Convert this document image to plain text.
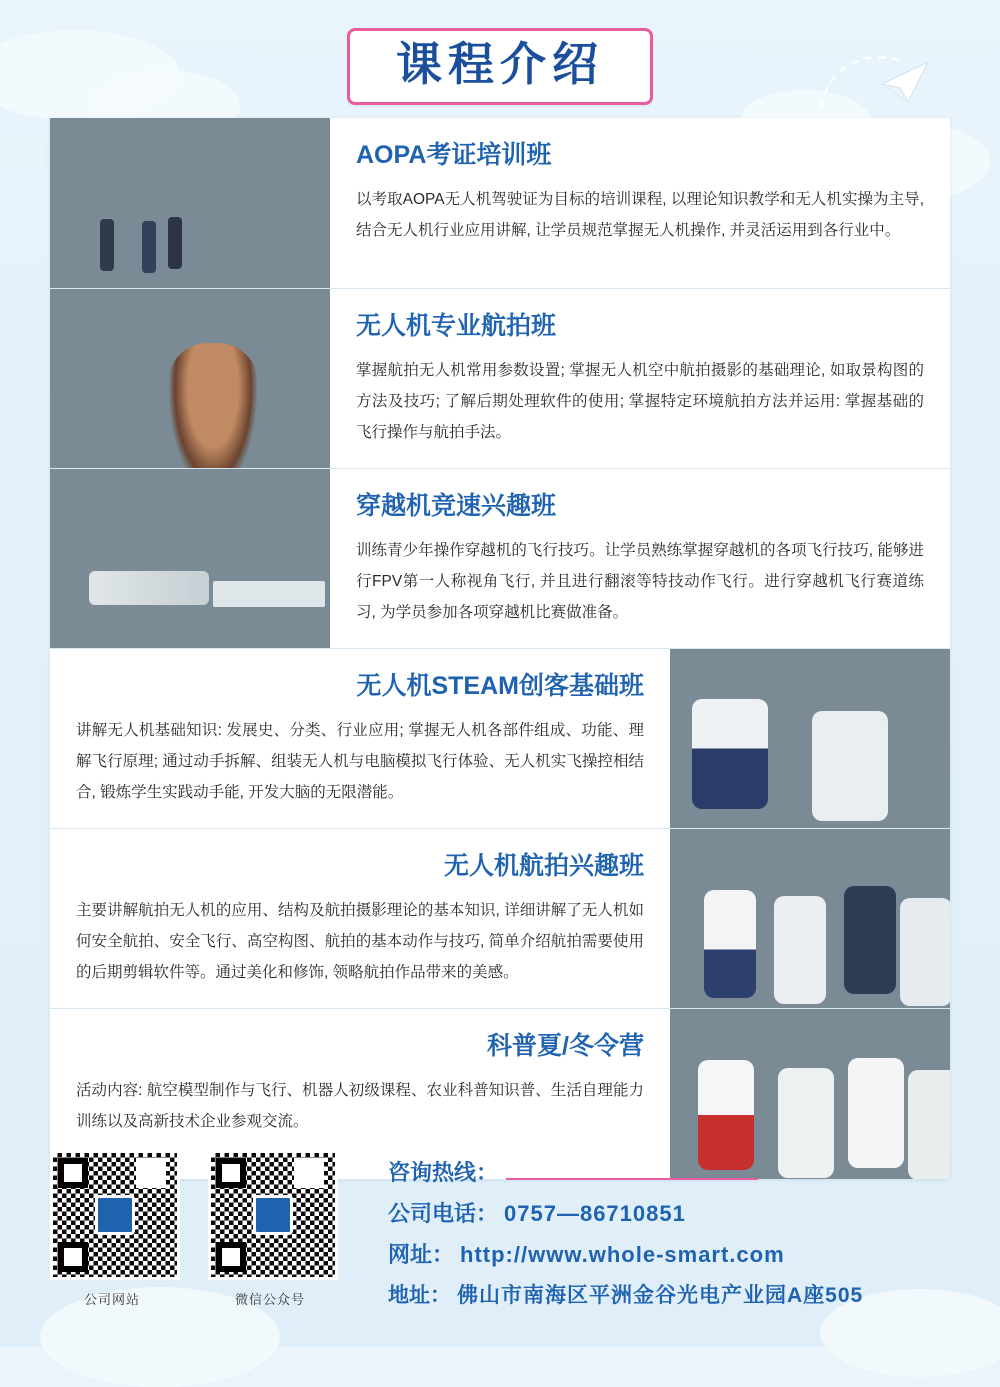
课程介绍
AOPA考证培训班

以考取AOPA无人机驾驶证为目标的培训课程, 以理论知识教学和无人机实操为主导, 结合无人机行业应用讲解, 让学员规范掌握无人机操作, 并灵活运用到各行业中。

无人机专业航拍班

掌握航拍无人机常用参数设置; 掌握无人机空中航拍摄影的基础理论, 如取景构图的方法及技巧; 了解后期处理软件的使用; 掌握特定环境航拍方法并运用: 掌握基础的飞行操作与航拍手法。

穿越机竞速兴趣班

训练青少年操作穿越机的飞行技巧。让学员熟练掌握穿越机的各项飞行技巧, 能够进行FPV第一人称视角飞行, 并且进行翻滚等特技动作飞行。进行穿越机飞行赛道练习, 为学员参加各项穿越机比赛做准备。

无人机STEAM创客基础班

讲解无人机基础知识: 发展史、分类、行业应用; 掌握无人机各部件组成、功能、理解飞行原理; 通过动手拆解、组装无人机与电脑模拟飞行体验、无人机实飞操控相结合, 锻炼学生实践动手能, 开发大脑的无限潜能。

无人机航拍兴趣班

主要讲解航拍无人机的应用、结构及航拍摄影理论的基本知识, 详细讲解了无人机如何安全航拍、安全飞行、高空构图、航拍的基本动作与技巧, 简单介绍航拍需要使用的后期剪辑软件等。通过美化和修饰, 领略航拍作品带来的美感。

科普夏/冬令营

活动内容: 航空模型制作与飞行、机器人初级课程、农业科普知识普、生活自理能力训练以及高新技术企业参观交流。

公司网站	微信公众号
咨询热线：
公司电话： 0757—86710851
网址： http://www.whole-smart.com
地址： 佛山市南海区平洲金谷光电产业园A座505
